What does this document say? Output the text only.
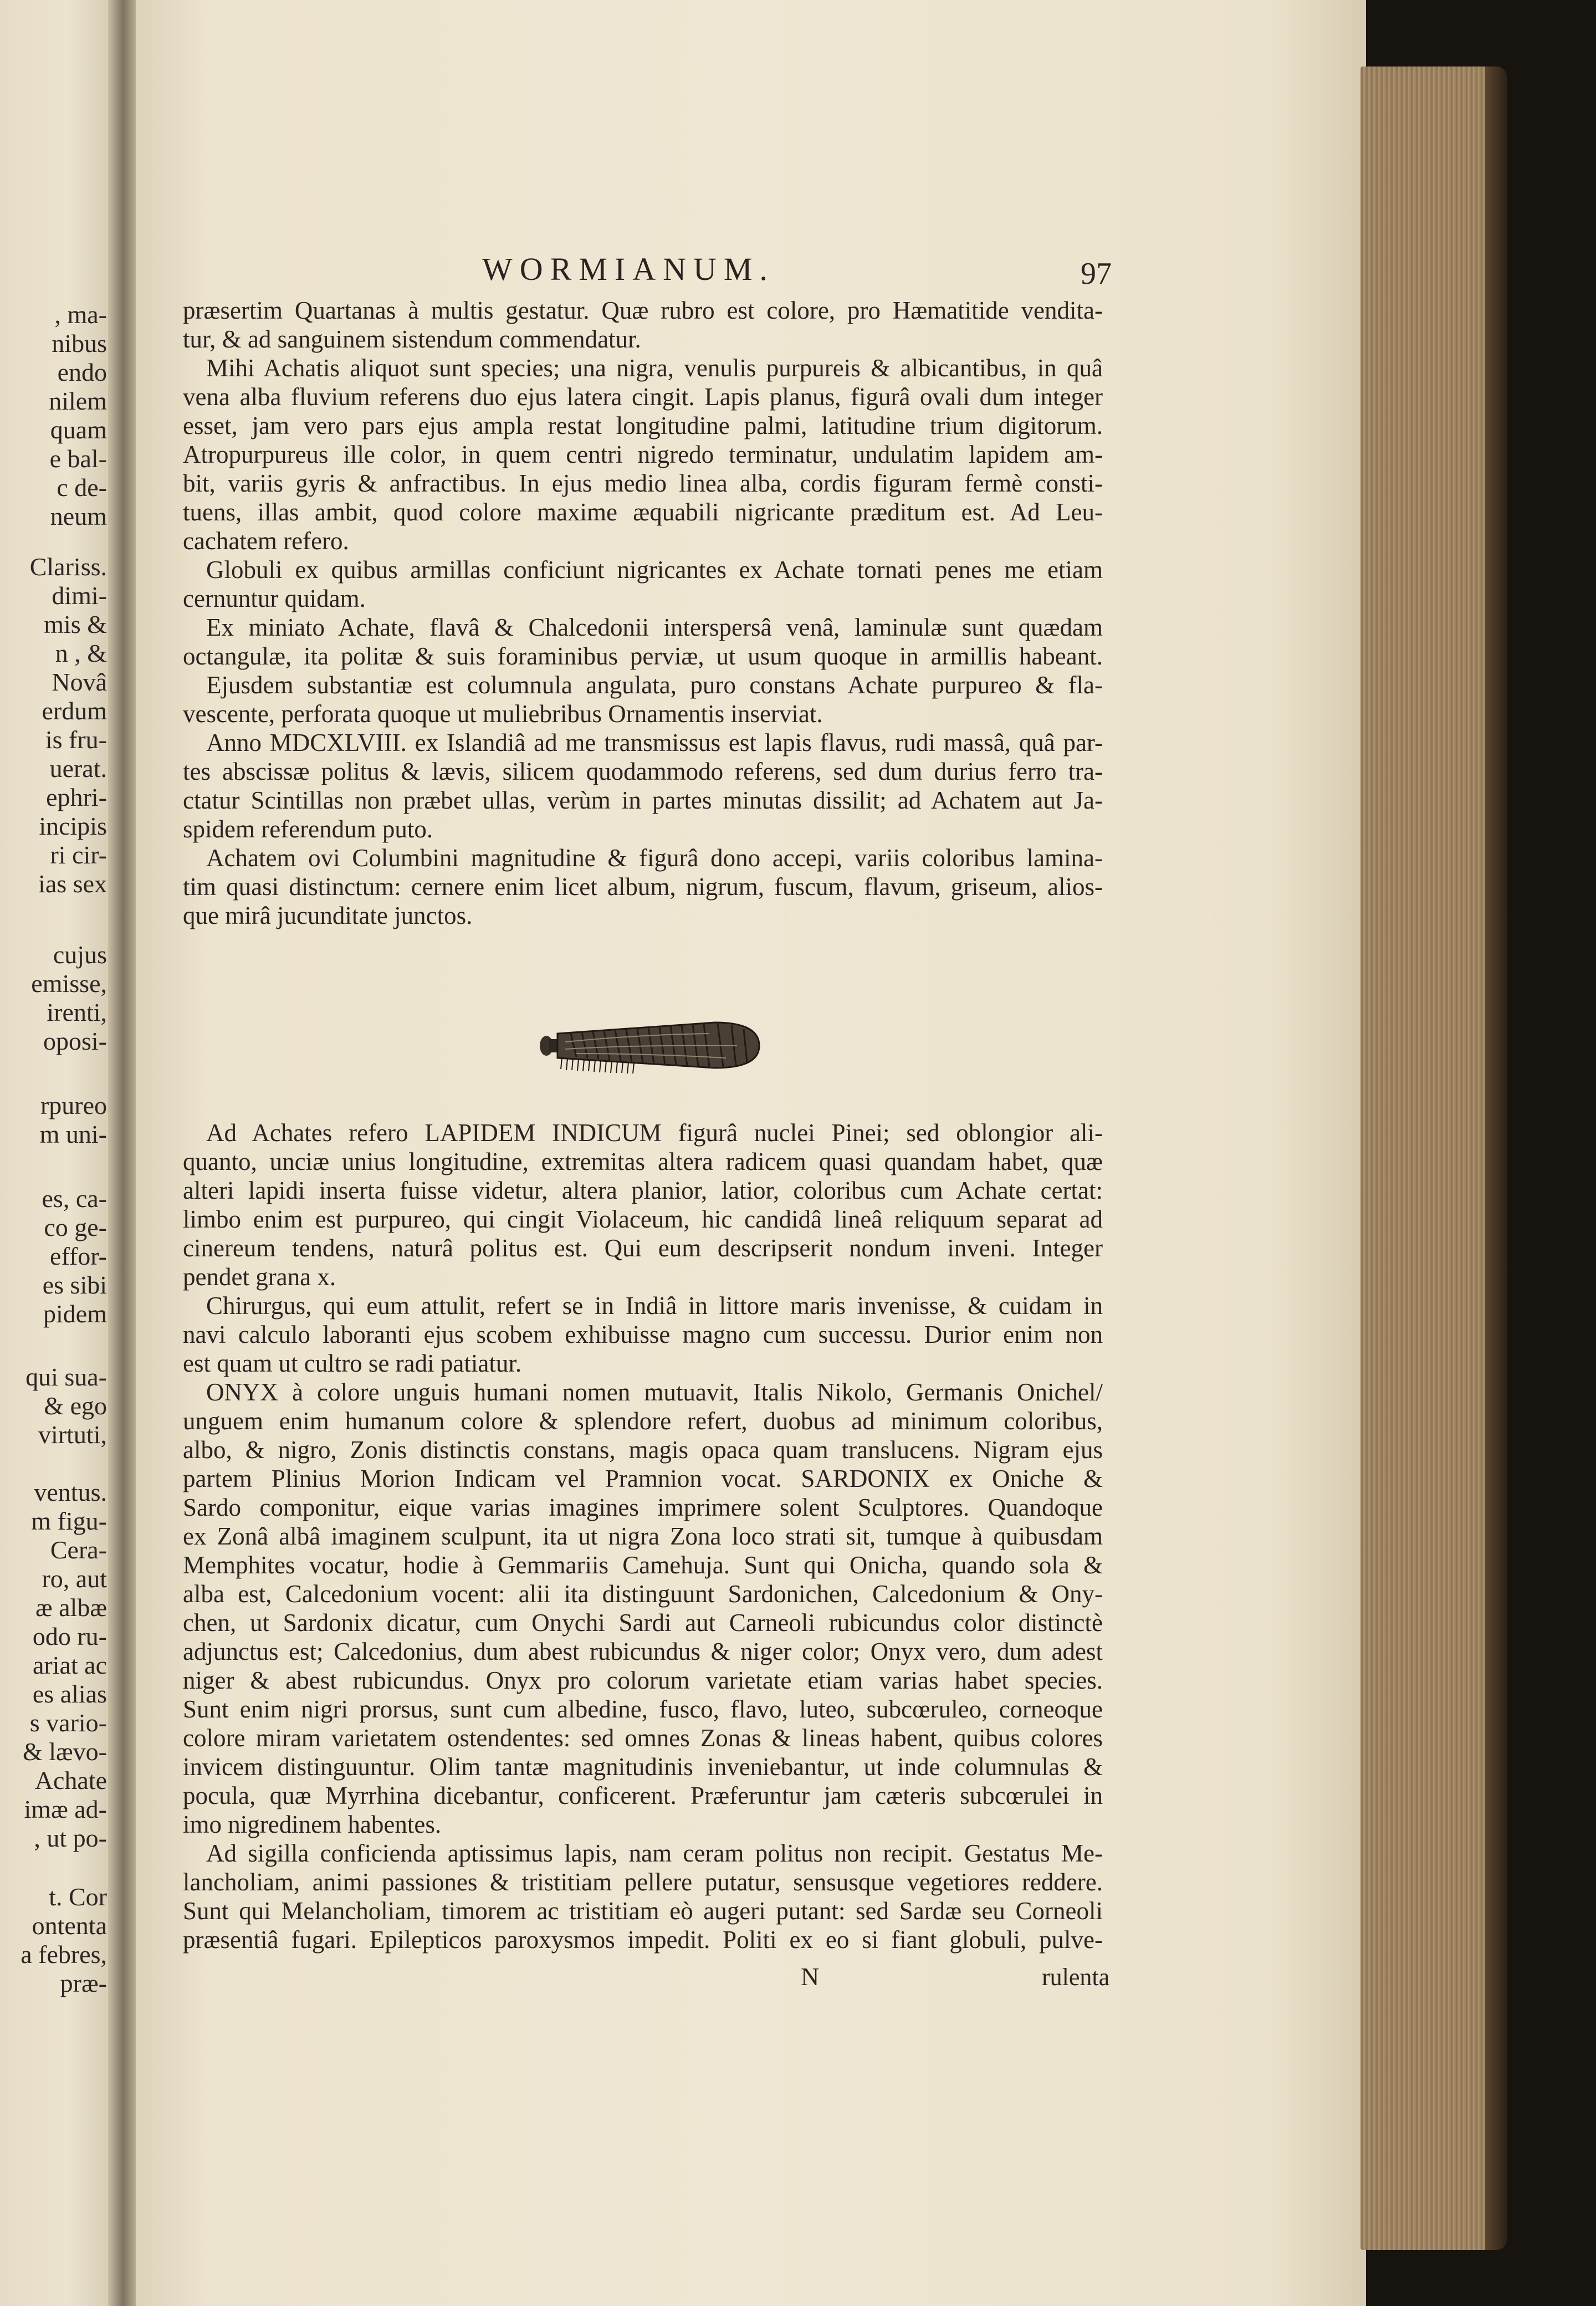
, ma-
nibus
endo
nilem
quam
e bal-
c de-
neum
Clariss.
dimi-
mis &
n , &
Novâ
erdum
is fru-
uerat.
ephri-
incipis
ri cir-
ias sex
cujus
emisse,
irenti,
oposi-
rpureo
m uni-
es, ca-
co ge-
effor-
es sibi
pidem
qui sua-
& ego
virtuti,
ventus.
m figu-
Cera-
ro, aut
æ albæ
odo ru-
ariat ac
es alias
s vario-
& lævo-
Achate
imæ ad-
, ut po-
t. Cor
ontenta
a febres,
præ-
WORMIANUM.	97
præsertim Quartanas à multis gestatur. Quæ rubro est colore, pro Hæmatitide vendita-
tur, & ad sanguinem sistendum commendatur.
Mihi Achatis aliquot sunt species; una nigra, venulis purpureis & albicantibus, in quâ
vena alba fluvium referens duo ejus latera cingit. Lapis planus, figurâ ovali dum integer
esset, jam vero pars ejus ampla restat longitudine palmi, latitudine trium digitorum.
Atropurpureus ille color, in quem centri nigredo terminatur, undulatim lapidem am-
bit, variis gyris & anfractibus. In ejus medio linea alba, cordis figuram fermè consti-
tuens, illas ambit, quod colore maxime æquabili nigricante præditum est. Ad Leu-
cachatem refero.
Globuli ex quibus armillas conficiunt nigricantes ex Achate tornati penes me etiam
cernuntur quidam.
Ex miniato Achate, flavâ & Chalcedonii interspersâ venâ, laminulæ sunt quædam
octangulæ, ita politæ & suis foraminibus perviæ, ut usum quoque in armillis habeant.
Ejusdem substantiæ est columnula angulata, puro constans Achate purpureo & fla-
vescente, perforata quoque ut muliebribus Ornamentis inserviat.
Anno MDCXLVIII. ex Islandiâ ad me transmissus est lapis flavus, rudi massâ, quâ par-
tes abscissæ politus & lævis, silicem quodammodo referens, sed dum durius ferro tra-
ctatur Scintillas non præbet ullas, verùm in partes minutas dissilit; ad Achatem aut Ja-
spidem referendum puto.
Achatem ovi Columbini magnitudine & figurâ dono accepi, variis coloribus lamina-
tim quasi distinctum: cernere enim licet album, nigrum, fuscum, flavum, griseum, alios-
que mirâ jucunditate junctos.
Ad Achates refero LAPIDEM INDICUM figurâ nuclei Pinei; sed oblongior ali-
quanto, unciæ unius longitudine, extremitas altera radicem quasi quandam habet, quæ
alteri lapidi inserta fuisse videtur, altera planior, latior, coloribus cum Achate certat:
limbo enim est purpureo, qui cingit Violaceum, hic candidâ lineâ reliquum separat ad
cinereum tendens, naturâ politus est. Qui eum descripserit nondum inveni. Integer
pendet grana x.
Chirurgus, qui eum attulit, refert se in Indiâ in littore maris invenisse, & cuidam in
navi calculo laboranti ejus scobem exhibuisse magno cum successu. Durior enim non
est quam ut cultro se radi patiatur.
ONYX à colore unguis humani nomen mutuavit, Italis Nikolo, Germanis Onichel/
unguem enim humanum colore & splendore refert, duobus ad minimum coloribus,
albo, & nigro, Zonis distinctis constans, magis opaca quam translucens. Nigram ejus
partem Plinius Morion Indicam vel Pramnion vocat. SARDONIX ex Oniche &
Sardo componitur, eique varias imagines imprimere solent Sculptores. Quandoque
ex Zonâ albâ imaginem sculpunt, ita ut nigra Zona loco strati sit, tumque à quibusdam
Memphites vocatur, hodie à Gemmariis Camehuja. Sunt qui Onicha, quando sola &
alba est, Calcedonium vocent: alii ita distinguunt Sardonichen, Calcedonium & Ony-
chen, ut Sardonix dicatur, cum Onychi Sardi aut Carneoli rubicundus color distinctè
adjunctus est; Calcedonius, dum abest rubicundus & niger color; Onyx vero, dum adest
niger & abest rubicundus. Onyx pro colorum varietate etiam varias habet species.
Sunt enim nigri prorsus, sunt cum albedine, fusco, flavo, luteo, subcœruleo, corneoque
colore miram varietatem ostendentes: sed omnes Zonas & lineas habent, quibus colores
invicem distinguuntur. Olim tantæ magnitudinis inveniebantur, ut inde columnulas &
pocula, quæ Myrrhina dicebantur, conficerent. Præferuntur jam cæteris subcœrulei in
imo nigredinem habentes.
Ad sigilla conficienda aptissimus lapis, nam ceram politus non recipit. Gestatus Me-
lancholiam, animi passiones & tristitiam pellere putatur, sensusque vegetiores reddere.
Sunt qui Melancholiam, timorem ac tristitiam eò augeri putant: sed Sardæ seu Corneoli
præsentiâ fugari. Epilepticos paroxysmos impedit. Politi ex eo si fiant globuli, pulve-
N	rulenta
